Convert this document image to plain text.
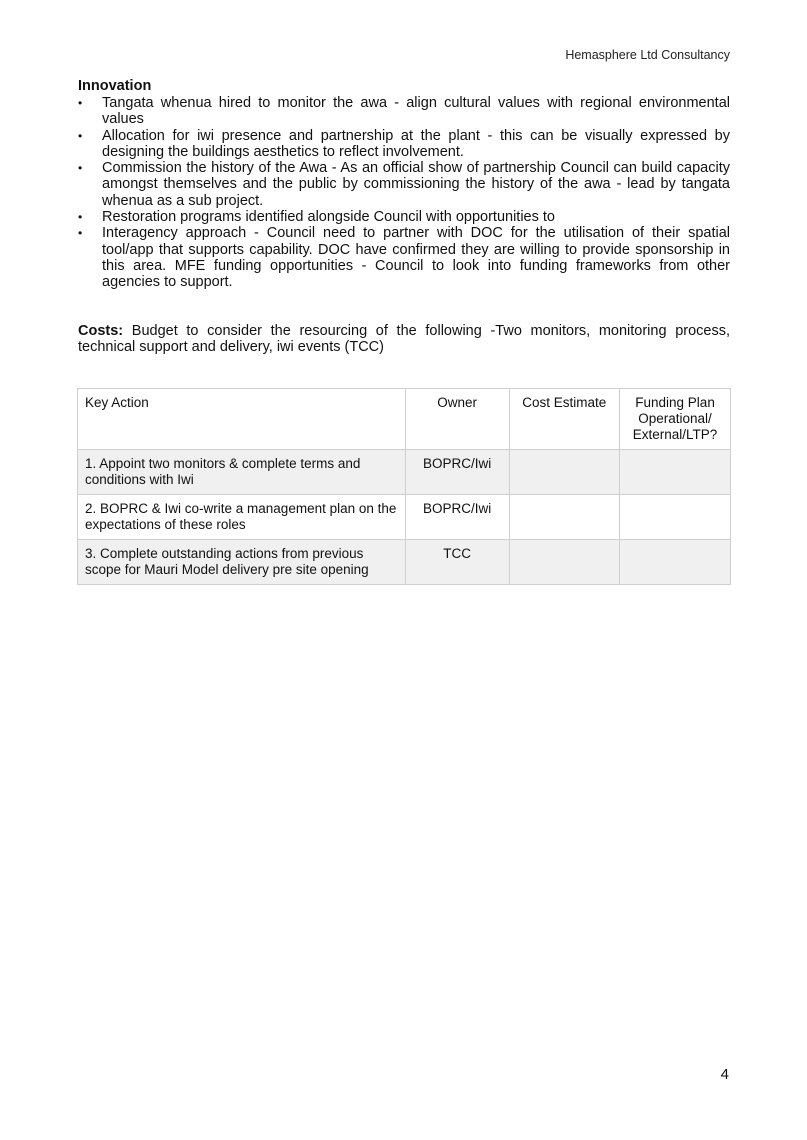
Hemasphere Ltd Consultancy
Innovation
• Tangata whenua hired to monitor the awa - align cultural values with regional environmental values
• Allocation for iwi presence and partnership at the plant - this can be visually expressed by designing the buildings aesthetics to reflect involvement.
• Commission the history of the Awa - As an official show of partnership Council can build capacity amongst themselves and the public by commissioning the history of the awa - lead by tangata whenua as a sub project.
• Restoration programs identified alongside Council with opportunities to
• Interagency approach - Council need to partner with DOC for the utilisation of their spatial tool/app that supports capability. DOC have confirmed they are willing to provide sponsorship in this area. MFE funding opportunities - Council to look into funding frameworks from other agencies to support.

Costs: Budget to consider the resourcing of the following -Two monitors, monitoring process, technical support and delivery, iwi events (TCC)

Key Action	Owner	Cost Estimate	Funding Plan Operational/ External/LTP?
1. Appoint two monitors & complete terms and conditions with Iwi	BOPRC/Iwi		
2. BOPRC & Iwi co-write a management plan on the expectations of these roles	BOPRC/Iwi		
3. Complete outstanding actions from previous scope for Mauri Model delivery pre site opening	TCC		
4
